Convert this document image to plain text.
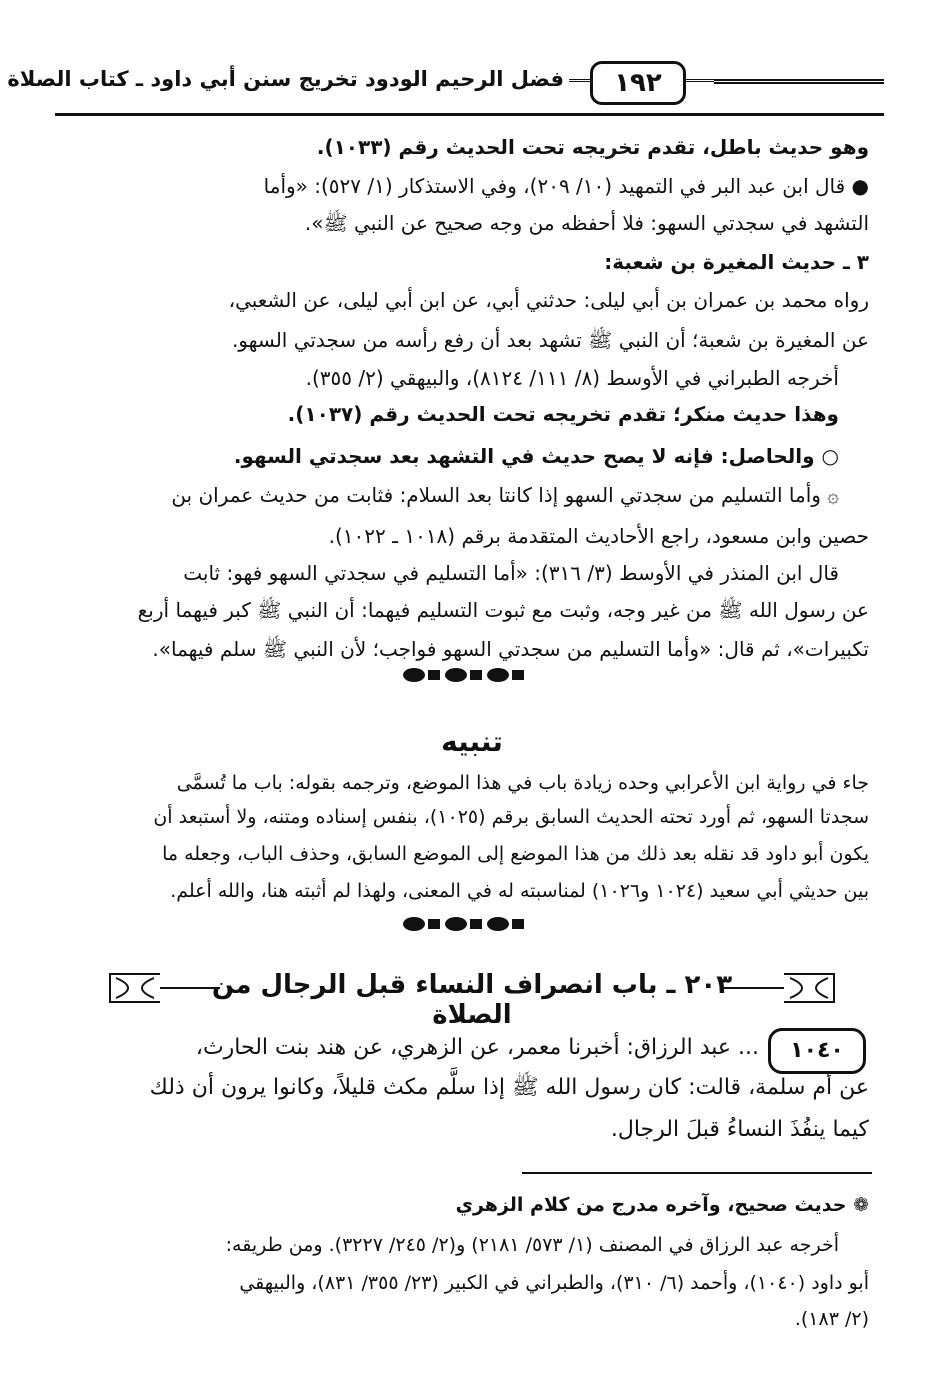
١٩٢
فضل الرحيم الودود تخريج سنن أبي داود ـ كتاب الصلاة
وهو حديث باطل، تقدم تخريجه تحت الحديث رقم (١٠٣٣).
● قال ابن عبد البر في التمهيد (١٠/ ٢٠٩)، وفي الاستذكار (١/ ٥٢٧): «وأما
التشهد في سجدتي السهو: فلا أحفظه من وجه صحيح عن النبي ﷺ».
٣ ـ حديث المغيرة بن شعبة:
رواه محمد بن عمران بن أبي ليلى: حدثني أبي، عن ابن أبي ليلى، عن الشعبي،
عن المغيرة بن شعبة؛ أن النبي ﷺ تشهد بعد أن رفع رأسه من سجدتي السهو.
أخرجه الطبراني في الأوسط (٨/ ١١١/ ٨١٢٤)، والبيهقي (٢/ ٣٥٥).
وهذا حديث منكر؛ تقدم تخريجه تحت الحديث رقم (١٠٣٧).
○ والحاصل: فإنه لا يصح حديث في التشهد بعد سجدتي السهو.
۞ وأما التسليم من سجدتي السهو إذا كانتا بعد السلام: فثابت من حديث عمران بن
حصين وابن مسعود، راجع الأحاديث المتقدمة برقم (١٠١٨ ـ ١٠٢٢).
قال ابن المنذر في الأوسط (٣/ ٣١٦): «أما التسليم في سجدتي السهو فهو: ثابت
عن رسول الله ﷺ من غير وجه، وثبت مع ثبوت التسليم فيهما: أن النبي ﷺ كبر فيهما أربع
تكبيرات»، ثم قال: «وأما التسليم من سجدتي السهو فواجب؛ لأن النبي ﷺ سلم فيهما».
تنبيه
جاء في رواية ابن الأعرابي وحده زيادة باب في هذا الموضع، وترجمه بقوله: باب ما تُسمَّى
سجدتا السهو، ثم أورد تحته الحديث السابق برقم (١٠٢٥)، بنفس إسناده ومتنه، ولا أستبعد أن
يكون أبو داود قد نقله بعد ذلك من هذا الموضع إلى الموضع السابق، وحذف الباب، وجعله ما
بين حديثي أبي سعيد (١٠٢٤ و١٠٢٦) لمناسبته له في المعنى، ولهذا لم أثبته هنا، والله أعلم.
٢٠٣ ـ باب انصراف النساء قبل الرجال من الصلاة
١٠٤٠
... عبد الرزاق: أخبرنا معمر، عن الزهري، عن هند بنت الحارث،
عن أم سلمة، قالت: كان رسول الله ﷺ إذا سلَّم مكث قليلاً، وكانوا يرون أن ذلك
كيما ينفُذَ النساءُ قبلَ الرجال.
❁ حديث صحيح، وآخره مدرج من كلام الزهري
أخرجه عبد الرزاق في المصنف (١/ ٥٧٣/ ٢١٨١) و(٢/ ٢٤٥/ ٣٢٢٧). ومن طريقه:
أبو داود (١٠٤٠)، وأحمد (٦/ ٣١٠)، والطبراني في الكبير (٢٣/ ٣٥٥/ ٨٣١)، والبيهقي
(٢/ ١٨٣).
